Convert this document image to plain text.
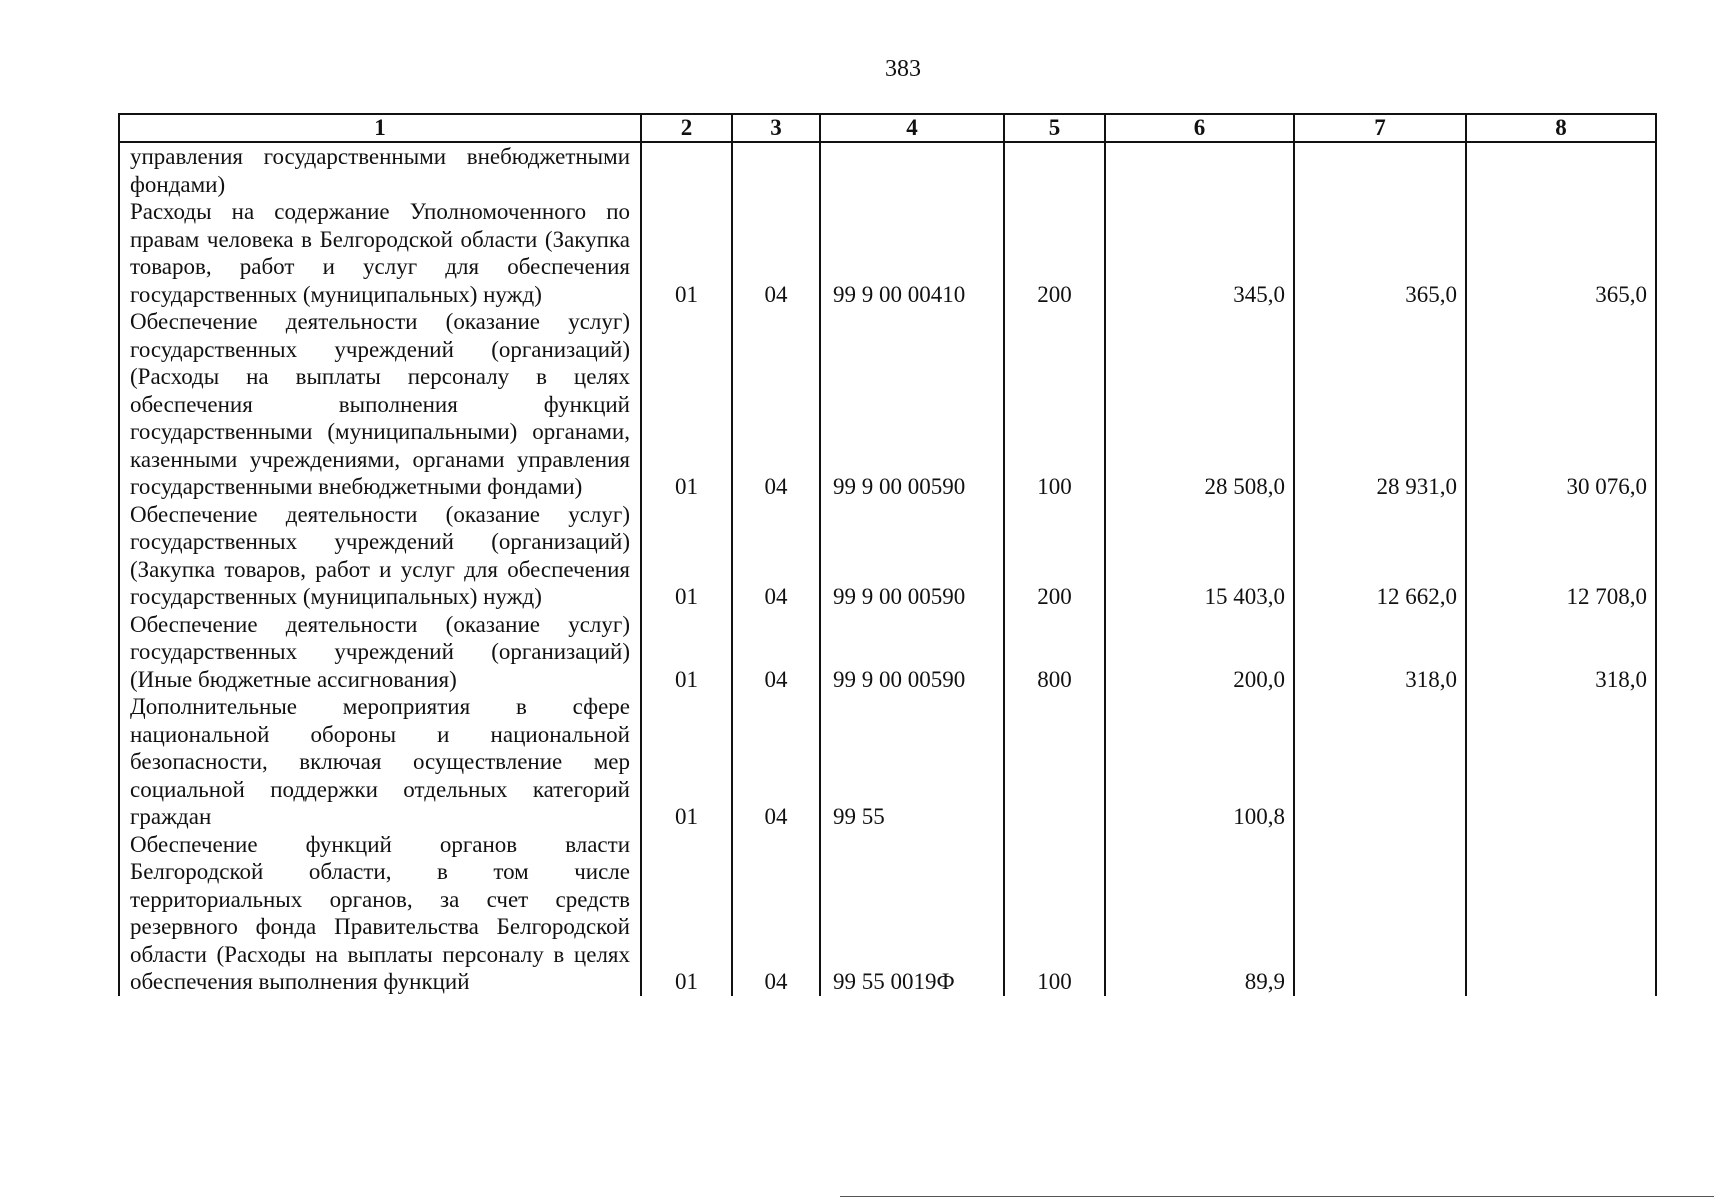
383
1	2	3	4	5	6	7	8
управления государственными внебюджетными фондами)							
Расходы на содержание Уполномоченного по правам человека в Белгородской области (Закупка товаров, работ и услуг для обеспечения государственных (муниципальных) нужд)	01	04	99 9 00 00410	200	345,0	365,0	365,0
Обеспечение деятельности (оказание услуг) государственных учреждений (организаций) (Расходы на выплаты персоналу в целях обеспечения выполнения функций государственными (муниципальными) органами, казенными учреждениями, органами управления государственными внебюджетными фондами)	01	04	99 9 00 00590	100	28 508,0	28 931,0	30 076,0
Обеспечение деятельности (оказание услуг) государственных учреждений (организаций) (Закупка товаров, работ и услуг для обеспечения государственных (муниципальных) нужд)	01	04	99 9 00 00590	200	15 403,0	12 662,0	12 708,0
Обеспечение деятельности (оказание услуг) государственных учреждений (организаций) (Иные бюджетные ассигнования)	01	04	99 9 00 00590	800	200,0	318,0	318,0
Дополнительные мероприятия в сфере национальной обороны и национальной безопасности, включая осуществление мер социальной поддержки отдельных категорий граждан	01	04	99 55		100,8		
Обеспечение функций органов власти Белгородской области, в том числе территориальных органов, за счет средств резервного фонда Правительства Белгородской области (Расходы на выплаты персоналу в целях обеспечения выполнения функций	01	04	99 55 0019Ф	100	89,9		
